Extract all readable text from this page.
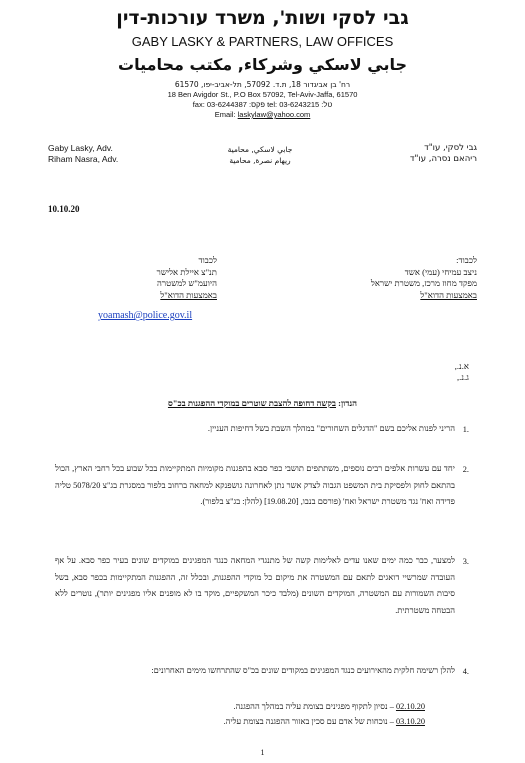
גבי לסקי ושות', משרד עורכות-דין
GABY LASKY & PARTNERS, LAW OFFICES
جابي لاسكي وشركاء, مكتب محاميات
רח' בן אביגדור 18, ת.ד. 57092, תל-אביב-יפו, 61570
18 Ben Avigdor St., P.O Box 57092, Tel-Aviv-Jaffa, 61570
fax: 03-6244387 :פקס tel: 03-6243215 :טל
Email: laskylaw@yahoo.com
Gaby Lasky, Adv.
Riham Nasra, Adv.
جابي لاسكي, محامية
ريهام نصرة, محامية
גבי לסקי, עו"ד
ריהאם נסרה, עו"ד
10.10.20
לכבוד:
ניצב עמיחי (עמי) אשד
מפקד מחוז מרכז, משטרת ישראל
באמצעות הדוא"ל
לכבוד
תנ"צ איילת אלישר
היועמ"ש למשטרה
באמצעות הדוא"ל
yoamash@police.gov.il
א.נ.,
ג.נ.,
הנדון: בקשה דחופה להצבת שוטרים במוקדי ההפגנות בכ"ס
1.
הריני לפנות אליכם בשם "הדגלים השחורים" במהלך השבת בשל דחיפות העניין.
2.
יחד עם עשרות אלפים רבים נוספים, משתתפים תושבי כפר סבא בהפגנות מקומיות המתקיימות בכל שבוע בכל רחבי הארץ, הכול בהתאם לחוק ולפסיקת בית המשפט הגבוה לצדק אשר נתן לאחרונה גושפנקא למחאה ברחוב בלפור במסגרת בג"צ 5078/20 טליה פדידה ואח' נגד משטרת ישראל ואח' (פורסם בנבו, [19.08.20] (להלן: בג"צ בלפור).
3.
למצער, כבר כמה ימים שאנו עדים לאלימות קשה של מתנגדי המחאה כנגד המפגינים במוקדים שונים בעיר כפר סבא. על אף העובדה שמרשיי דואגים לתאם עם המשטרה את מיקום כל מוקדי ההפגנות, ובכלל זה, ההפגנות המתקיימות בכפר סבא, בשל סיבות השמורות עם המשטרה, המוקדים השונים (מלבד כיכר המשקפיים, מוקד בו לא מופנים אליו מפגינים יותר), נוטרים ללא הבטחה משטרתית.
4.
להלן רשימה חלקית מהאירועים כנגד המפגינים במקודים שונים בכ"ס שהתרחשו מימים האחרונים:
02.10.20 – נסיון לתקוף מפגינים בצומת עליה במהלך ההפגנה.
03.10.20 – נוכחות של אדם עם סכין באזור ההפגנה בצומת עליה.
1
